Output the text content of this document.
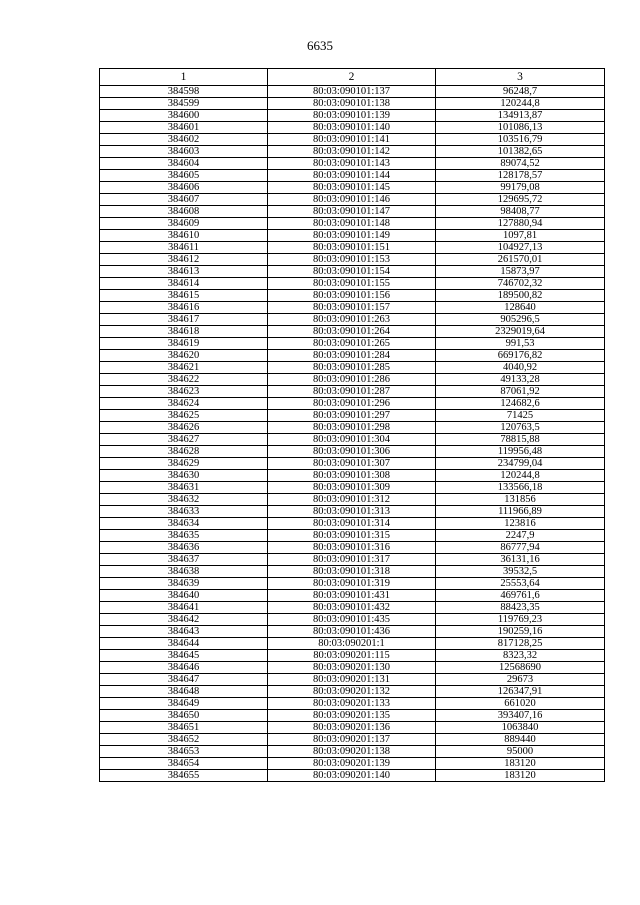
6635
1	2	3
384598	80:03:090101:137	96248,7
384599	80:03:090101:138	120244,8
384600	80:03:090101:139	134913,87
384601	80:03:090101:140	101086,13
384602	80:03:090101:141	103516,79
384603	80:03:090101:142	101382,65
384604	80:03:090101:143	89074,52
384605	80:03:090101:144	128178,57
384606	80:03:090101:145	99179,08
384607	80:03:090101:146	129695,72
384608	80:03:090101:147	98408,77
384609	80:03:090101:148	127880,94
384610	80:03:090101:149	1097,81
384611	80:03:090101:151	104927,13
384612	80:03:090101:153	261570,01
384613	80:03:090101:154	15873,97
384614	80:03:090101:155	746702,32
384615	80:03:090101:156	189500,82
384616	80:03:090101:157	128640
384617	80:03:090101:263	905296,5
384618	80:03:090101:264	2329019,64
384619	80:03:090101:265	991,53
384620	80:03:090101:284	669176,82
384621	80:03:090101:285	4040,92
384622	80:03:090101:286	49133,28
384623	80:03:090101:287	87061,92
384624	80:03:090101:296	124682,6
384625	80:03:090101:297	71425
384626	80:03:090101:298	120763,5
384627	80:03:090101:304	78815,88
384628	80:03:090101:306	119956,48
384629	80:03:090101:307	234799,04
384630	80:03:090101:308	120244,8
384631	80:03:090101:309	133566,18
384632	80:03:090101:312	131856
384633	80:03:090101:313	111966,89
384634	80:03:090101:314	123816
384635	80:03:090101:315	2247,9
384636	80:03:090101:316	86777,94
384637	80:03:090101:317	36131,16
384638	80:03:090101:318	39532,5
384639	80:03:090101:319	25553,64
384640	80:03:090101:431	469761,6
384641	80:03:090101:432	88423,35
384642	80:03:090101:435	119769,23
384643	80:03:090101:436	190259,16
384644	80:03:090201:1	817128,25
384645	80:03:090201:115	8323,32
384646	80:03:090201:130	12568690
384647	80:03:090201:131	29673
384648	80:03:090201:132	126347,91
384649	80:03:090201:133	661020
384650	80:03:090201:135	393407,16
384651	80:03:090201:136	1063840
384652	80:03:090201:137	889440
384653	80:03:090201:138	95000
384654	80:03:090201:139	183120
384655	80:03:090201:140	183120
